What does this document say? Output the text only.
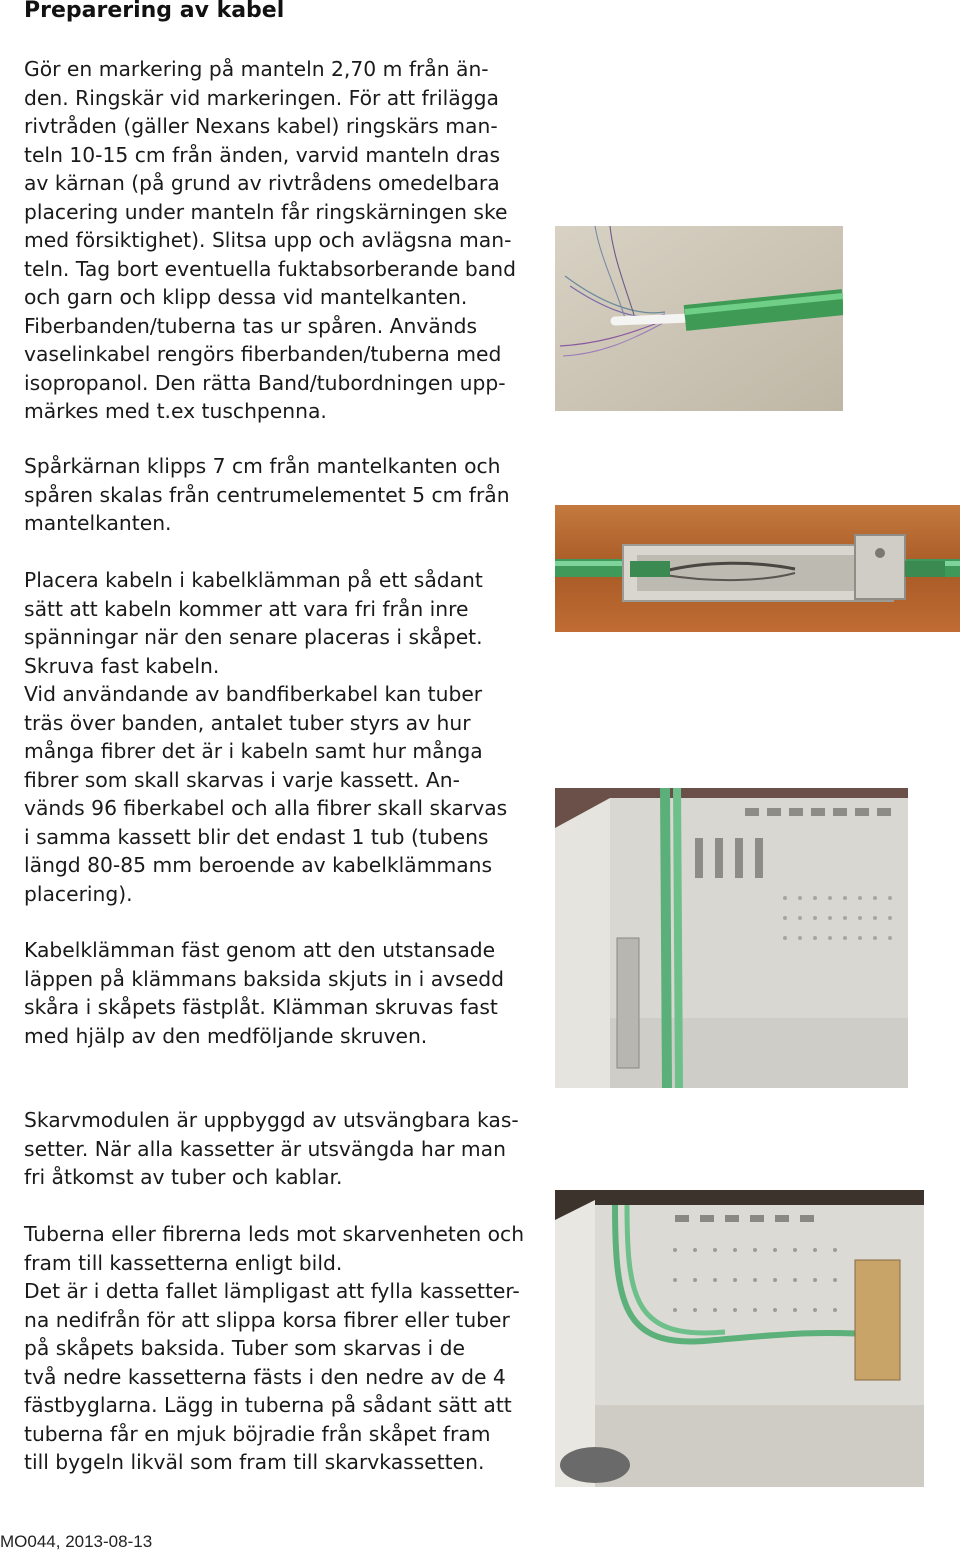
Preparering av kabel
Gör en markering på manteln 2,70 m från än-
den. Ringskär vid markeringen. För att frilägga
rivtråden (gäller Nexans kabel) ringskärs man-
teln 10-15 cm från änden, varvid manteln dras
av kärnan (på grund av rivtrådens omedelbara
placering under manteln får ringskärningen ske
med försiktighet). Slitsa upp och avlägsna man-
teln. Tag bort eventuella fuktabsorberande band
och garn och klipp dessa vid mantelkanten.
Fiberbanden/tuberna tas ur spåren. Används
vaselinkabel rengörs fiberbanden/tuberna med
isopropanol. Den rätta Band/tubordningen upp-
märkes med t.ex tuschpenna.
Spårkärnan klipps 7 cm från mantelkanten och
spåren skalas från centrumelementet 5 cm från
mantelkanten.
Placera kabeln i kabelklämman på ett sådant
sätt att kabeln kommer att vara fri från inre
spänningar när den senare placeras i skåpet.
Skruva fast kabeln.
Vid användande av bandfiberkabel kan tuber
träs över banden, antalet tuber styrs av hur
många fibrer det är i kabeln samt hur många
fibrer som skall skarvas i varje kassett. An-
vänds 96 fiberkabel och alla fibrer skall skarvas
i samma kassett blir det endast 1 tub (tubens
längd 80-85 mm beroende av kabelklämmans
placering).
Kabelklämman fäst genom att den utstansade
läppen på klämmans baksida skjuts in i avsedd
skåra i skåpets fästplåt. Klämman skruvas fast
med hjälp av den medföljande skruven.
Skarvmodulen är uppbyggd av utsvängbara kas-
setter. När alla kassetter är utsvängda har man
fri åtkomst av tuber och kablar.
Tuberna eller fibrerna leds mot skarvenheten och
fram till kassetterna enligt bild.
Det är i detta fallet lämpligast att fylla kassetter-
na nedifrån för att slippa korsa fibrer eller tuber
på skåpets baksida. Tuber som skarvas i de
två nedre kassetterna fästs i den nedre av de 4
fästbyglarna. Lägg in tuberna på sådant sätt att
tuberna får en mjuk böjradie från skåpet fram
till bygeln likväl som fram till skarvkassetten.
MO044, 2013-08-13
